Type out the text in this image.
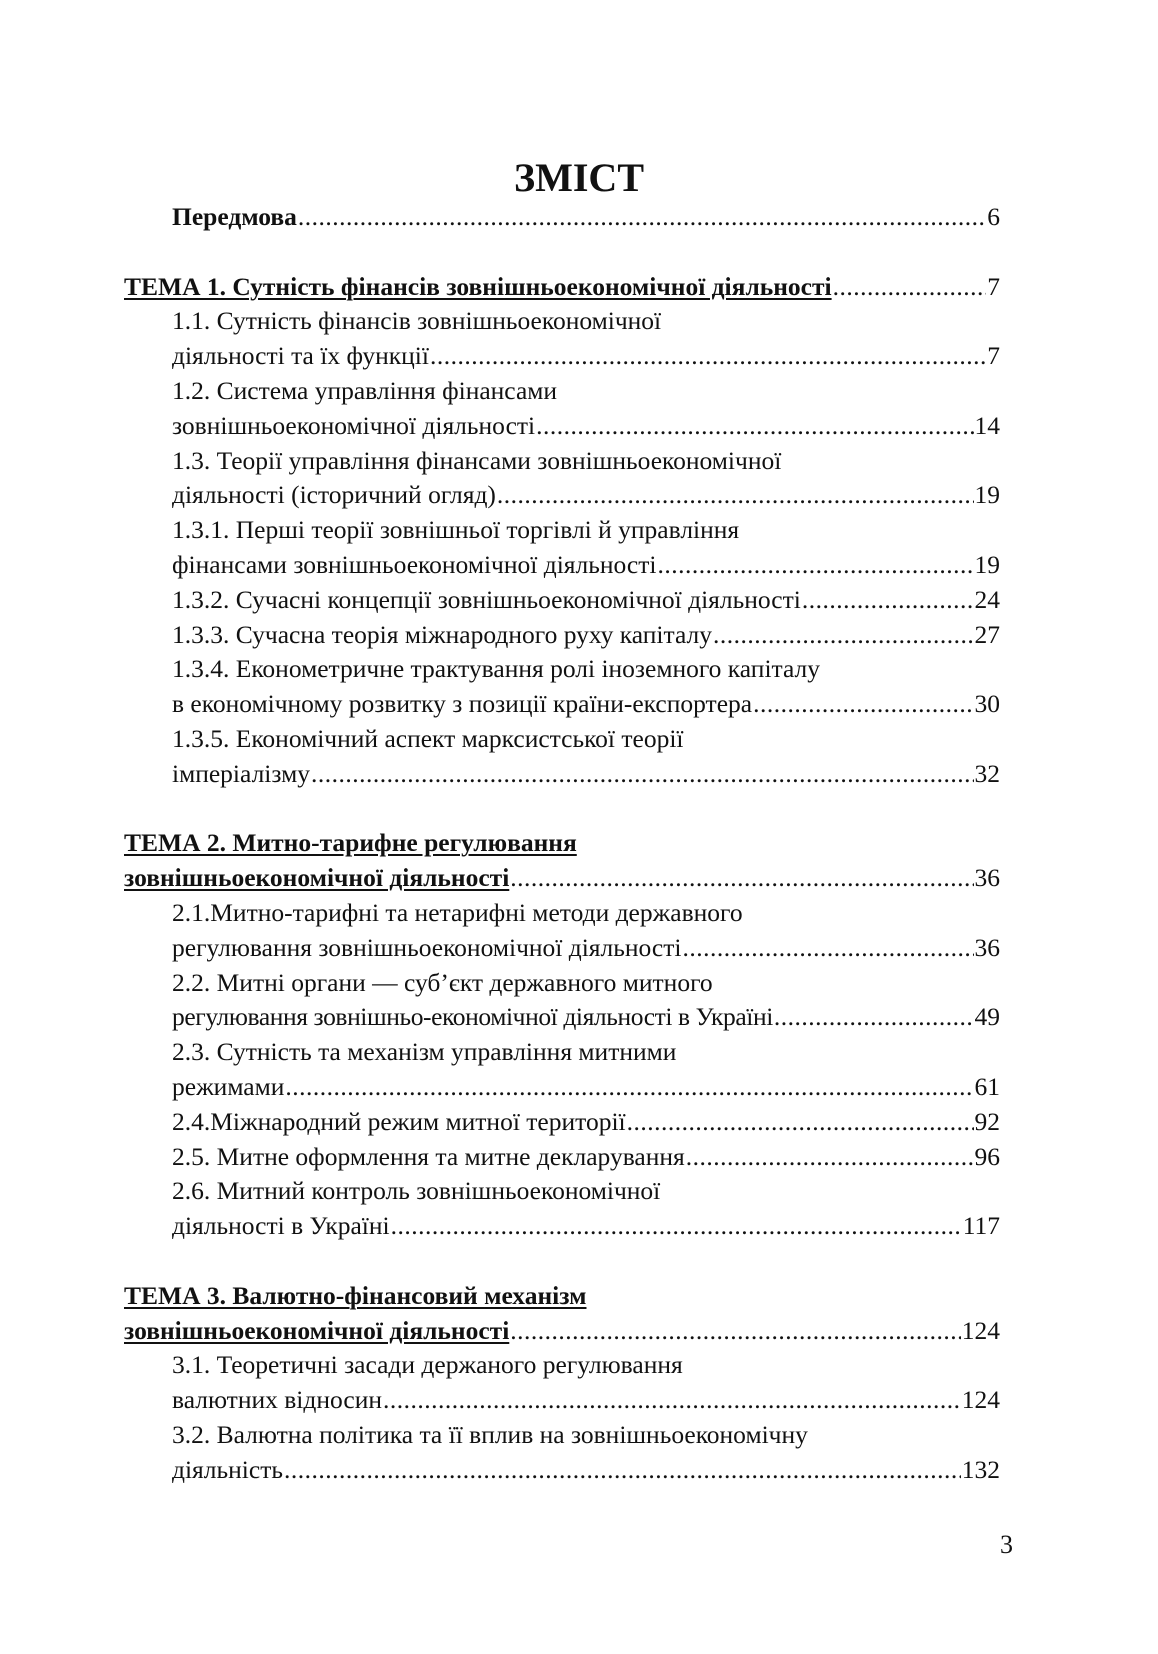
ЗМІСТ
Передмова .....	6
ТЕМА 1. Сутність фінансів зовнішньоекономічної діяльності .....	7
1.1. Сутність фінансів зовнішньоекономічної
діяльності та їх функції .....	7
1.2. Система управління фінансами
зовнішньоекономічної діяльності .....	14
1.3. Теорії управління фінансами зовнішньоекономічної
діяльності (історичний огляд) .....	19
1.3.1. Перші теорії зовнішньої торгівлі й управління
фінансами зовнішньоекономічної діяльності .....	19
1.3.2. Сучасні концепції зовнішньоекономічної діяльності .....	24
1.3.3. Сучасна теорія міжнародного руху капіталу .....	27
1.3.4. Економетричне трактування ролі іноземного капіталу
в економічному розвитку з позиції країни-експортера .....	30
1.3.5. Економічний аспект марксистської теорії
імперіалізму .....	32
ТЕМА 2. Митно-тарифне регулювання
зовнішньоекономічної діяльності .....	36
2.1.Митно-тарифні та нетарифні методи державного
регулювання зовнішньоекономічної діяльності .....	36
2.2. Митні органи — суб’єкт державного митного
регулювання зовнішньо-економічної діяльності в Україні .....	49
2.3. Сутність та механізм управління митними
режимами .....	61
2.4.Міжнародний режим митної території .....	92
2.5. Митне оформлення та митне декларування .....	96
2.6. Митний контроль зовнішньоекономічної
діяльності в Україні .....	117
ТЕМА 3. Валютно-фінансовий механізм
зовнішньоекономічної діяльності .....	124
3.1. Теоретичні засади держаного регулювання
валютних відносин .....	124
3.2. Валютна політика та її вплив на зовнішньоекономічну
діяльність .....	132
3
